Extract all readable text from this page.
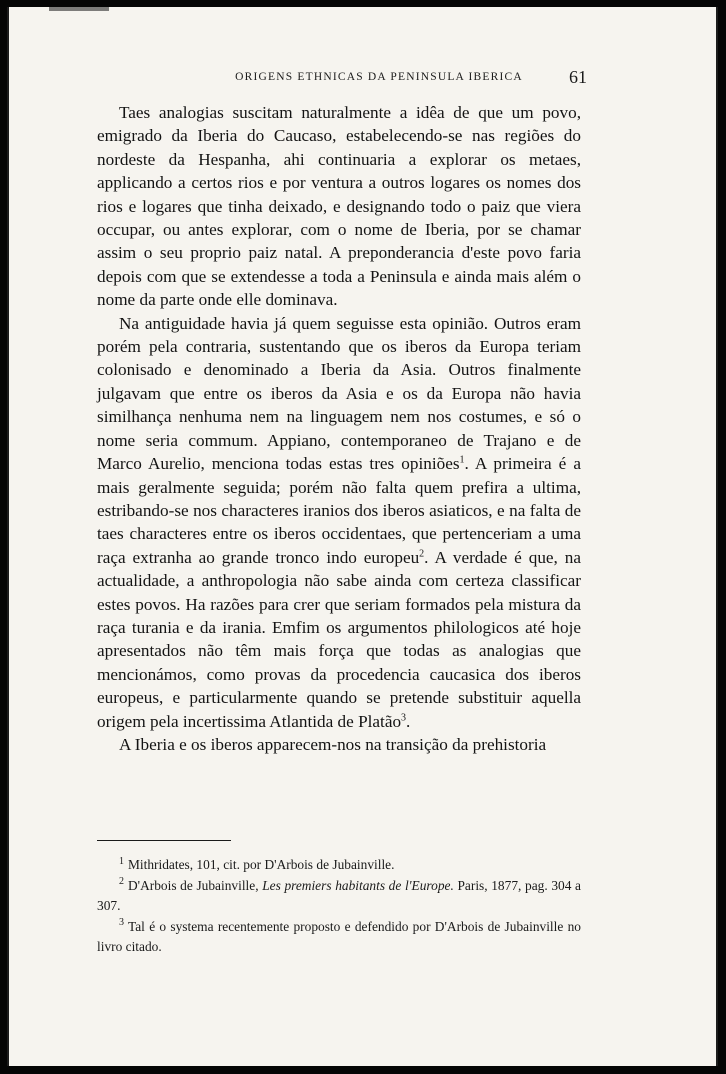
ORIGENS ETHNICAS DA PENINSULA IBERICA	61

Taes analogias suscitam naturalmente a idêa de que um povo, emigrado da Iberia do Caucaso, estabelecendo-se nas regiões do nordeste da Hespanha, ahi continuaria a explorar os metaes, applicando a certos rios e por ventura a outros logares os nomes dos rios e logares que tinha deixado, e designando todo o paiz que viera occupar, ou antes explorar, com o nome de Iberia, por se chamar assim o seu proprio paiz natal. A preponderancia d'este povo faria depois com que se extendesse a toda a Peninsula e ainda mais além o nome da parte onde elle dominava.

Na antiguidade havia já quem seguisse esta opinião. Outros eram porém pela contraria, sustentando que os iberos da Europa teriam colonisado e denominado a Iberia da Asia. Outros finalmente julgavam que entre os iberos da Asia e os da Europa não havia similhança nenhuma nem na linguagem nem nos costumes, e só o nome seria commum. Appiano, contemporaneo de Trajano e de Marco Aurelio, menciona todas estas tres opiniões$^1$. A primeira é a mais geralmente seguida; porém não falta quem prefira a ultima, estribando-se nos characteres iranios dos iberos asiaticos, e na falta de taes characteres entre os iberos occidentaes, que pertenceriam a uma raça extranha ao grande tronco indo europeu$^2$. A verdade é que, na actualidade, a anthropologia não sabe ainda com certeza classificar estes povos. Ha razões para crer que seriam formados pela mistura da raça turania e da irania. Emfim os argumentos philologicos até hoje apresentados não têm mais força que todas as analogias que mencionámos, como provas da procedencia caucasica dos iberos europeus, e particularmente quando se pretende substituir aquella origem pela incertissima Atlantida de Platão$^3$.

A Iberia e os iberos apparecem-nos na transição da prehistoria

$^1$ Mithridates, 101, cit. por D'Arbois de Jubainville.

$^2$ D'Arbois de Jubainville, Les premiers habitants de l'Europe. Paris, 1877, pag. 304 a 307.

$^3$ Tal é o systema recentemente proposto e defendido por D'Arbois de Jubainville no livro citado.
